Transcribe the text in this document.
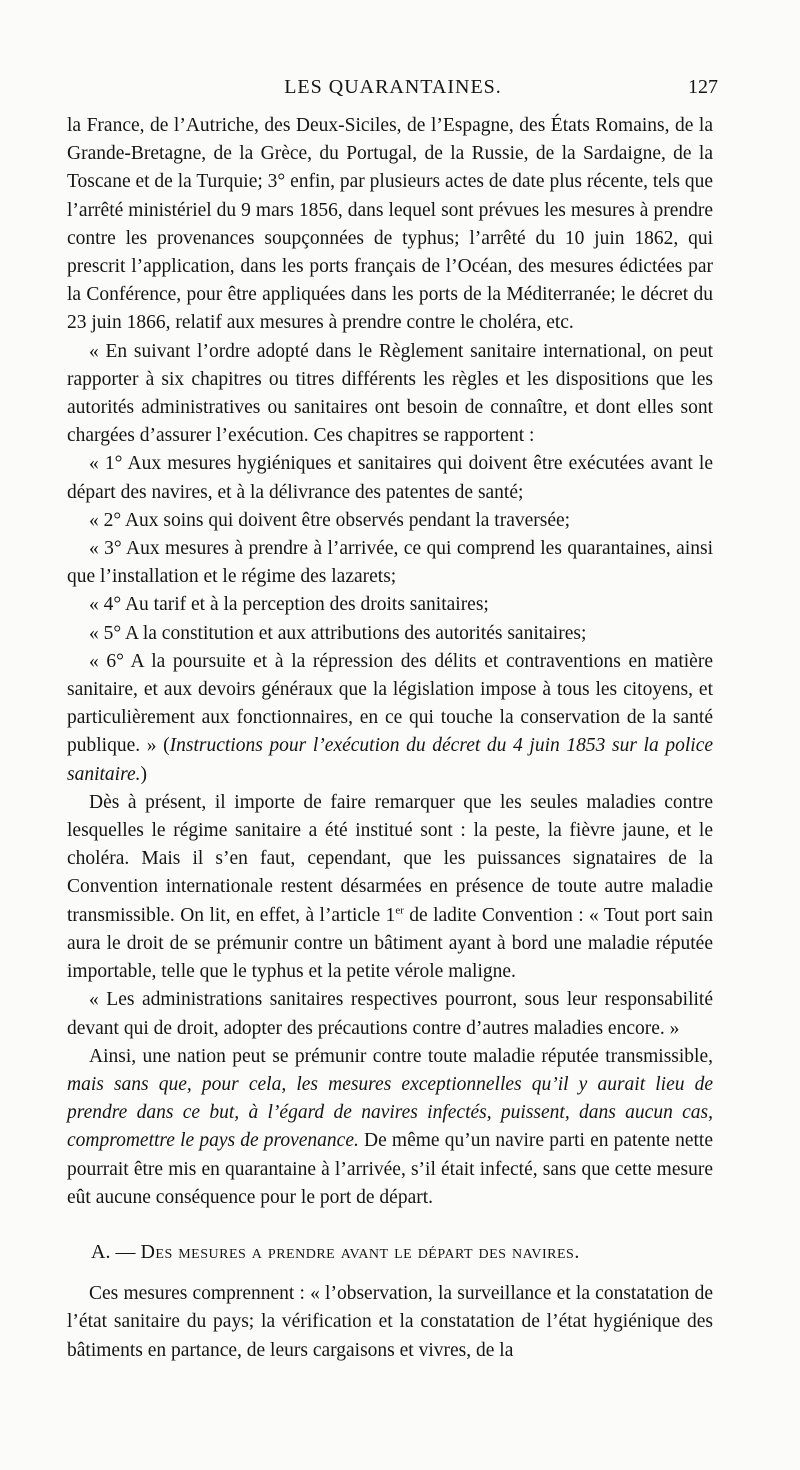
LES QUARANTAINES.	127

la France, de l’Autriche, des Deux-Siciles, de l’Espagne, des États Romains, de la Grande-Bretagne, de la Grèce, du Portugal, de la Russie, de la Sardaigne, de la Toscane et de la Turquie; 3° enfin, par plusieurs actes de date plus récente, tels que l’arrêté ministériel du 9 mars 1856, dans lequel sont prévues les mesures à prendre contre les provenances soupçonnées de typhus; l’arrêté du 10 juin 1862, qui prescrit l’application, dans les ports français de l’Océan, des mesures édictées par la Conférence, pour être appliquées dans les ports de la Méditerranée; le décret du 23 juin 1866, relatif aux mesures à prendre contre le choléra, etc.

« En suivant l’ordre adopté dans le Règlement sanitaire international, on peut rapporter à six chapitres ou titres différents les règles et les dispositions que les autorités administratives ou sanitaires ont besoin de connaître, et dont elles sont chargées d’assurer l’exécution. Ces chapitres se rapportent :

« 1° Aux mesures hygiéniques et sanitaires qui doivent être exécutées avant le départ des navires, et à la délivrance des patentes de santé;

« 2° Aux soins qui doivent être observés pendant la traversée;

« 3° Aux mesures à prendre à l’arrivée, ce qui comprend les quarantaines, ainsi que l’installation et le régime des lazarets;

« 4° Au tarif et à la perception des droits sanitaires;

« 5° A la constitution et aux attributions des autorités sanitaires;

« 6° A la poursuite et à la répression des délits et contraventions en matière sanitaire, et aux devoirs généraux que la législation impose à tous les citoyens, et particulièrement aux fonctionnaires, en ce qui touche la conservation de la santé publique. » (Instructions pour l’exécution du décret du 4 juin 1853 sur la police sanitaire.)

Dès à présent, il importe de faire remarquer que les seules maladies contre lesquelles le régime sanitaire a été institué sont : la peste, la fièvre jaune, et le choléra. Mais il s’en faut, cependant, que les puissances signataires de la Convention internationale restent désarmées en présence de toute autre maladie transmissible. On lit, en effet, à l’article 1er de ladite Convention : « Tout port sain aura le droit de se prémunir contre un bâtiment ayant à bord une maladie réputée importable, telle que le typhus et la petite vérole maligne.

« Les administrations sanitaires respectives pourront, sous leur responsabilité devant qui de droit, adopter des précautions contre d’autres maladies encore. »

Ainsi, une nation peut se prémunir contre toute maladie réputée transmissible, mais sans que, pour cela, les mesures exceptionnelles qu’il y aurait lieu de prendre dans ce but, à l’égard de navires infectés, puissent, dans aucun cas, compromettre le pays de provenance. De même qu’un navire parti en patente nette pourrait être mis en quarantaine à l’arrivée, s’il était infecté, sans que cette mesure eût aucune conséquence pour le port de départ.

A. — Des mesures a prendre avant le départ des navires.

Ces mesures comprennent : « l’observation, la surveillance et la constatation de l’état sanitaire du pays; la vérification et la constatation de l’état hygiénique des bâtiments en partance, de leurs cargaisons et vivres, de la
